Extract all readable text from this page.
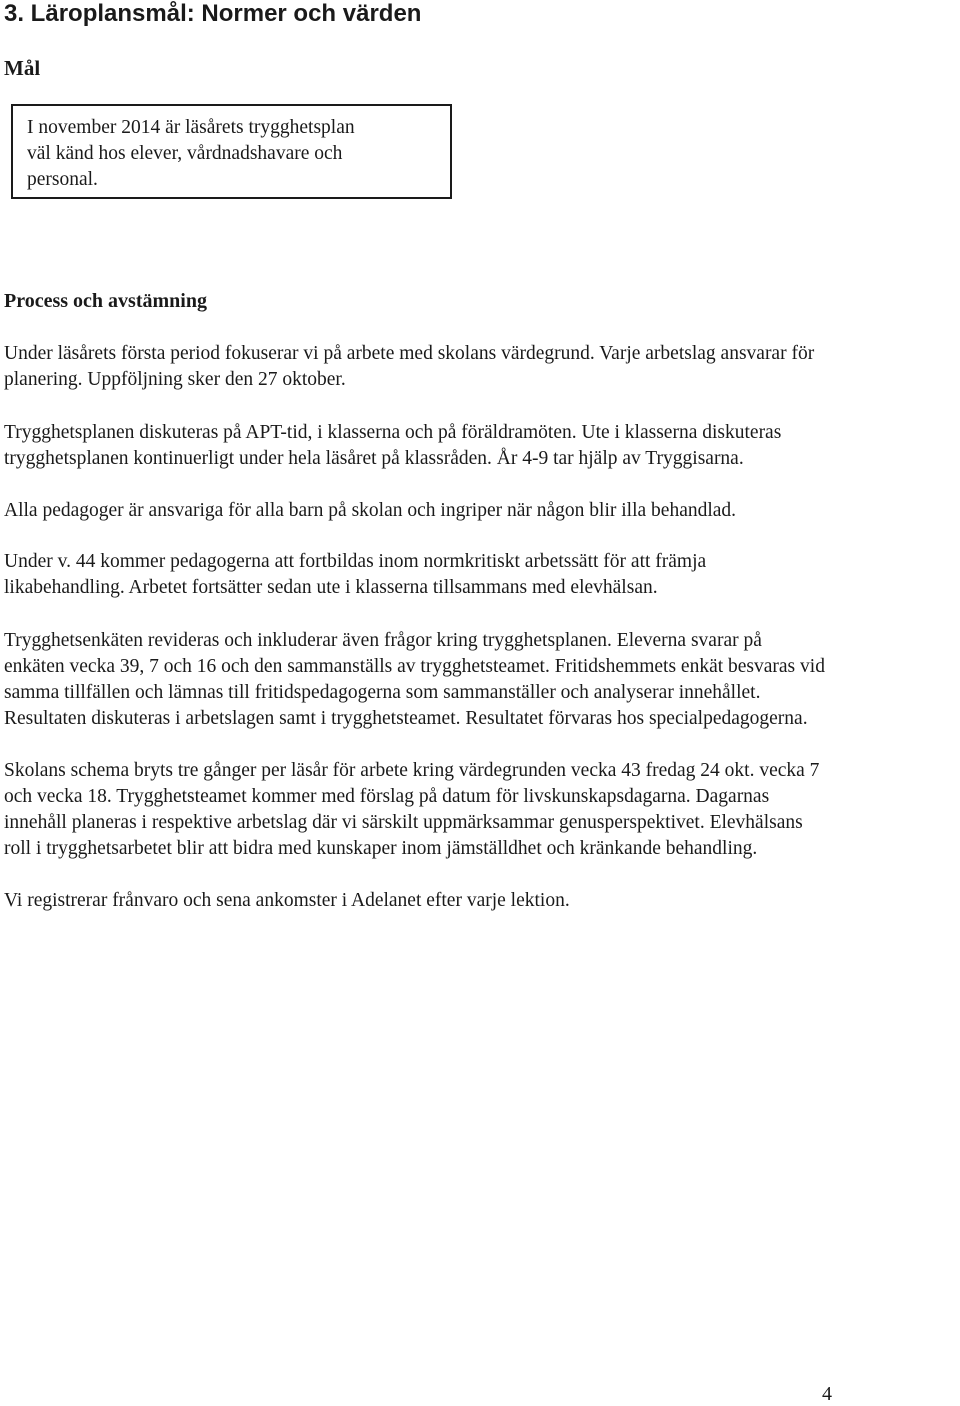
3. Läroplansmål: Normer och värden
Mål
I november 2014 är läsårets trygghetsplan
väl känd hos elever, vårdnadshavare och
personal.
Process och avstämning
Under läsårets första period fokuserar vi på arbete med skolans värdegrund. Varje arbetslag ansvarar för
planering. Uppföljning sker den 27 oktober.
Trygghetsplanen diskuteras på APT-tid, i klasserna och på föräldramöten. Ute i klasserna diskuteras
trygghetsplanen kontinuerligt under hela läsåret på klassråden. År 4-9 tar hjälp av Tryggisarna.
Alla pedagoger är ansvariga för alla barn på skolan och ingriper när någon blir illa behandlad.
Under v. 44 kommer pedagogerna att fortbildas inom normkritiskt arbetssätt för att främja
likabehandling. Arbetet fortsätter sedan ute i klasserna tillsammans med elevhälsan.
Trygghetsenkäten revideras och inkluderar även frågor kring trygghetsplanen. Eleverna svarar på
enkäten vecka 39, 7 och 16 och den sammanställs av trygghetsteamet. Fritidshemmets enkät besvaras vid
samma tillfällen och lämnas till fritidspedagogerna som sammanställer och analyserar innehållet.
Resultaten diskuteras i arbetslagen samt i trygghetsteamet. Resultatet förvaras hos specialpedagogerna.
Skolans schema bryts tre gånger per läsår för arbete kring värdegrunden vecka 43 fredag 24 okt. vecka 7
och vecka 18. Trygghetsteamet kommer med förslag på datum för livskunskapsdagarna. Dagarnas
innehåll planeras i respektive arbetslag där vi särskilt uppmärksammar genusperspektivet. Elevhälsans
roll i trygghetsarbetet blir att bidra med kunskaper inom jämställdhet och kränkande behandling.
Vi registrerar frånvaro och sena ankomster i Adelanet efter varje lektion.
4
